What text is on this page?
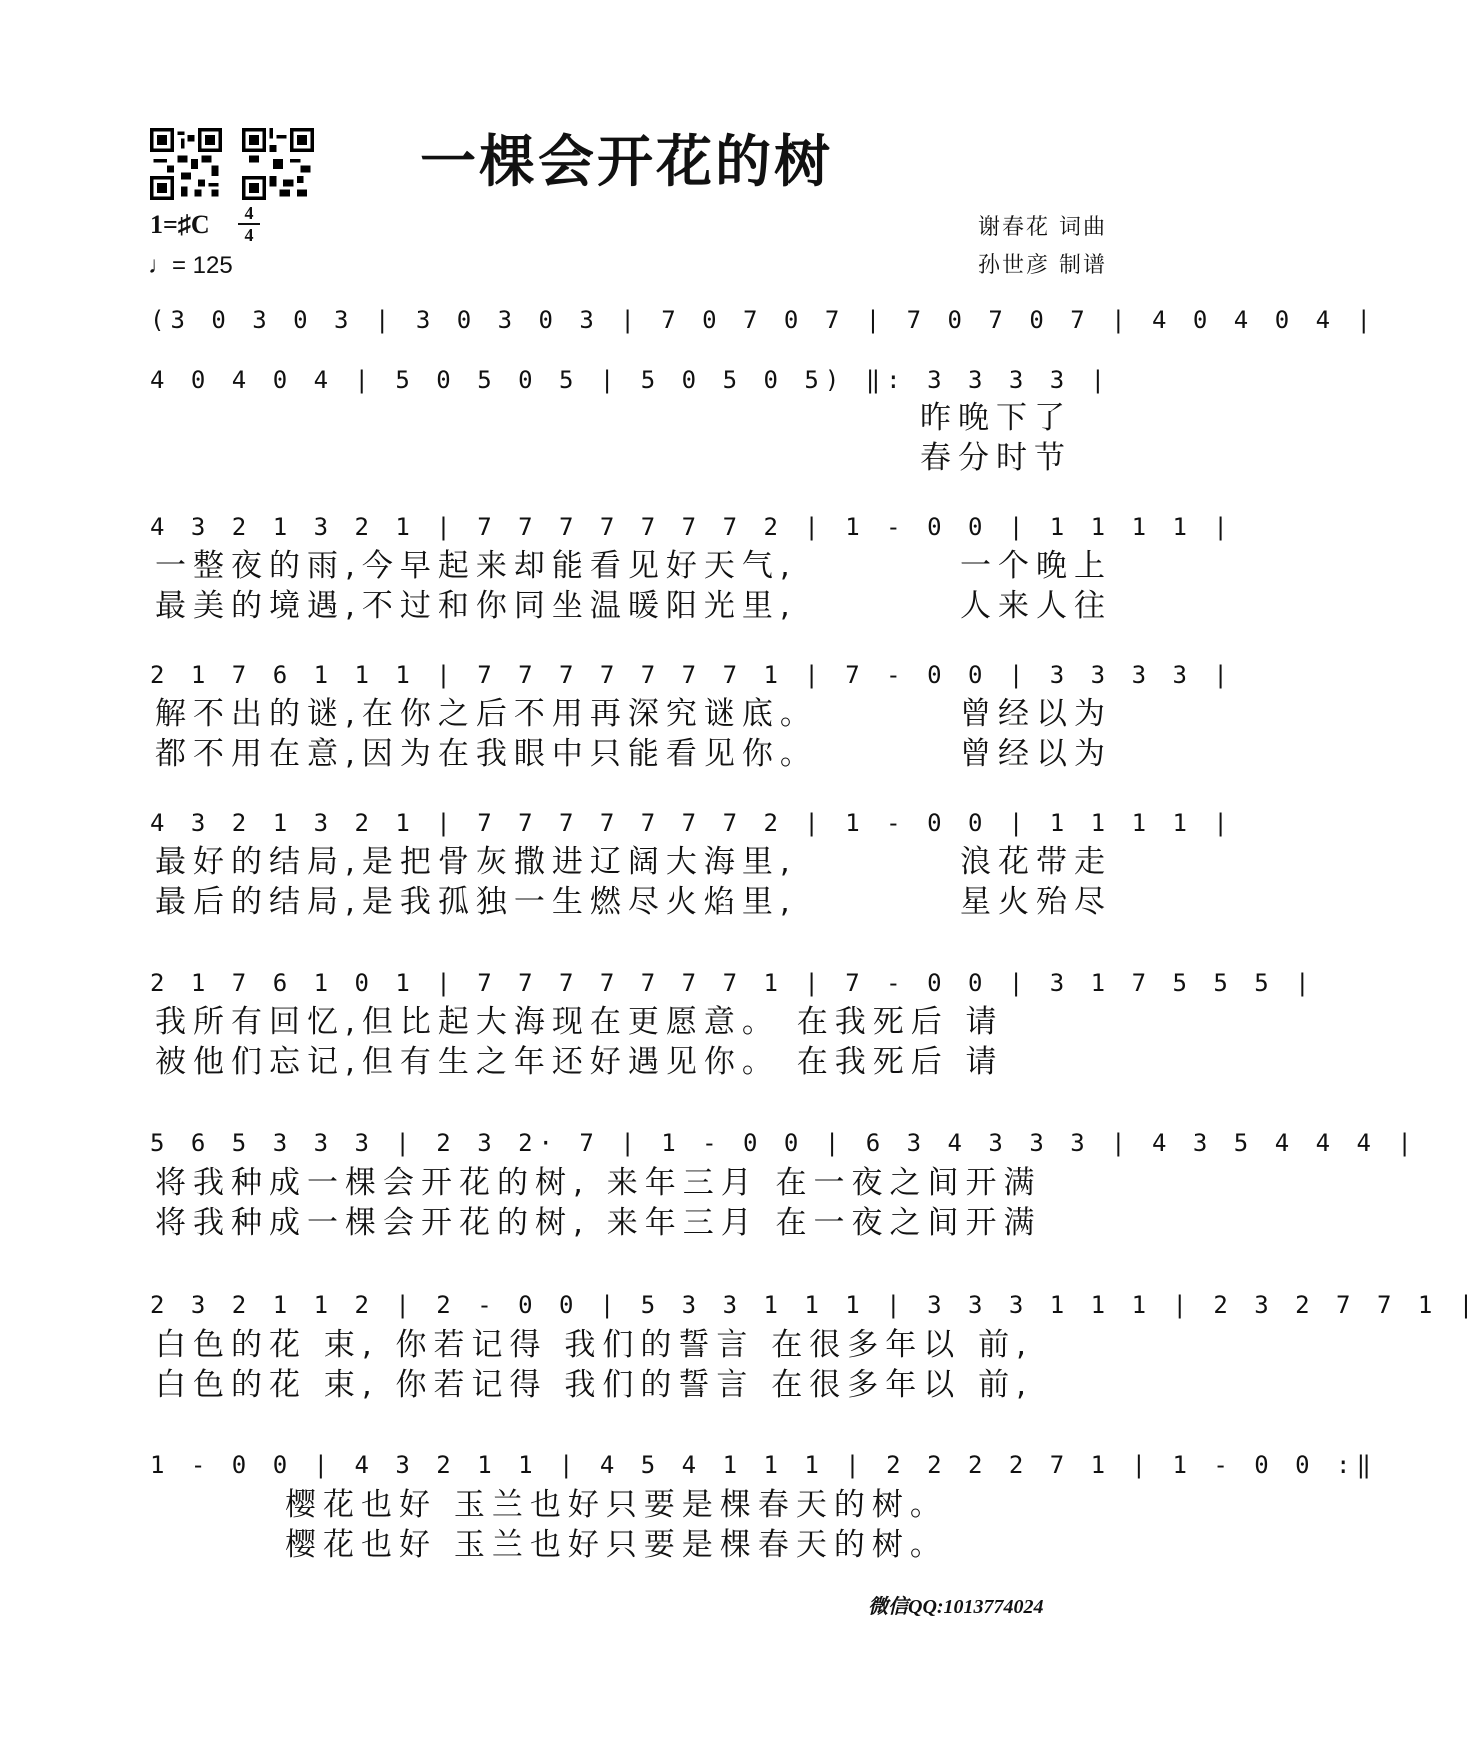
一棵会开花的树
1=♯C	4
4
♩= 125
谢春花 词曲
孙世彦 制谱
(3 0 3 0 3 | 3 0 3 0 3 | 7 0 7 0 7 | 7 0 7 0 7 | 4 0 4 0 4 |
4 0 4 0 4 | 5 0 5 0 5 | 5 0 5 0 5) ‖: 3 3 3 3 |
昨晚下了
春分时节
4 3 2 1 3 2 1 | 7 7 7 7 7 7 7 2 | 1 - 0 0 | 1 1 1 1 |
一整夜的雨,今早起来却能看见好天气,	一个晚上
最美的境遇,不过和你同坐温暖阳光里,	人来人往
2 1 7 6 1 1 1 | 7 7 7 7 7 7 7 1 | 7 - 0 0 | 3 3 3 3 |
解不出的谜,在你之后不用再深究谜底。	曾经以为
都不用在意,因为在我眼中只能看见你。	曾经以为
4 3 2 1 3 2 1 | 7 7 7 7 7 7 7 2 | 1 - 0 0 | 1 1 1 1 |
最好的结局,是把骨灰撒进辽阔大海里,	浪花带走
最后的结局,是我孤独一生燃尽火焰里,	星火殆尽
2 1 7 6 1 0 1 | 7 7 7 7 7 7 7 1 | 7 - 0 0 | 3 1 7 5 5 5 |
我所有回忆,但比起大海现在更愿意。 在我死后 请
被他们忘记,但有生之年还好遇见你。 在我死后 请
5 6 5 3 3 3 | 2 3 2· 7 | 1 - 0 0 | 6 3 4 3 3 3 | 4 3 5 4 4 4 |
将我种成一棵会开花的树, 来年三月 在一夜之间开满
将我种成一棵会开花的树, 来年三月 在一夜之间开满
2 3 2 1 1 2 | 2 - 0 0 | 5 3 3 1 1 1 | 3 3 3 1 1 1 | 2 3 2 7 7 1 |
白色的花 束, 你若记得 我们的誓言 在很多年以 前,
白色的花 束, 你若记得 我们的誓言 在很多年以 前,
1 - 0 0 | 4 3 2 1 1 | 4 5 4 1 1 1 | 2 2 2 2 7 1 | 1 - 0 0 :‖
樱花也好 玉兰也好只要是棵春天的树。
樱花也好 玉兰也好只要是棵春天的树。
微信QQ:1013774024
